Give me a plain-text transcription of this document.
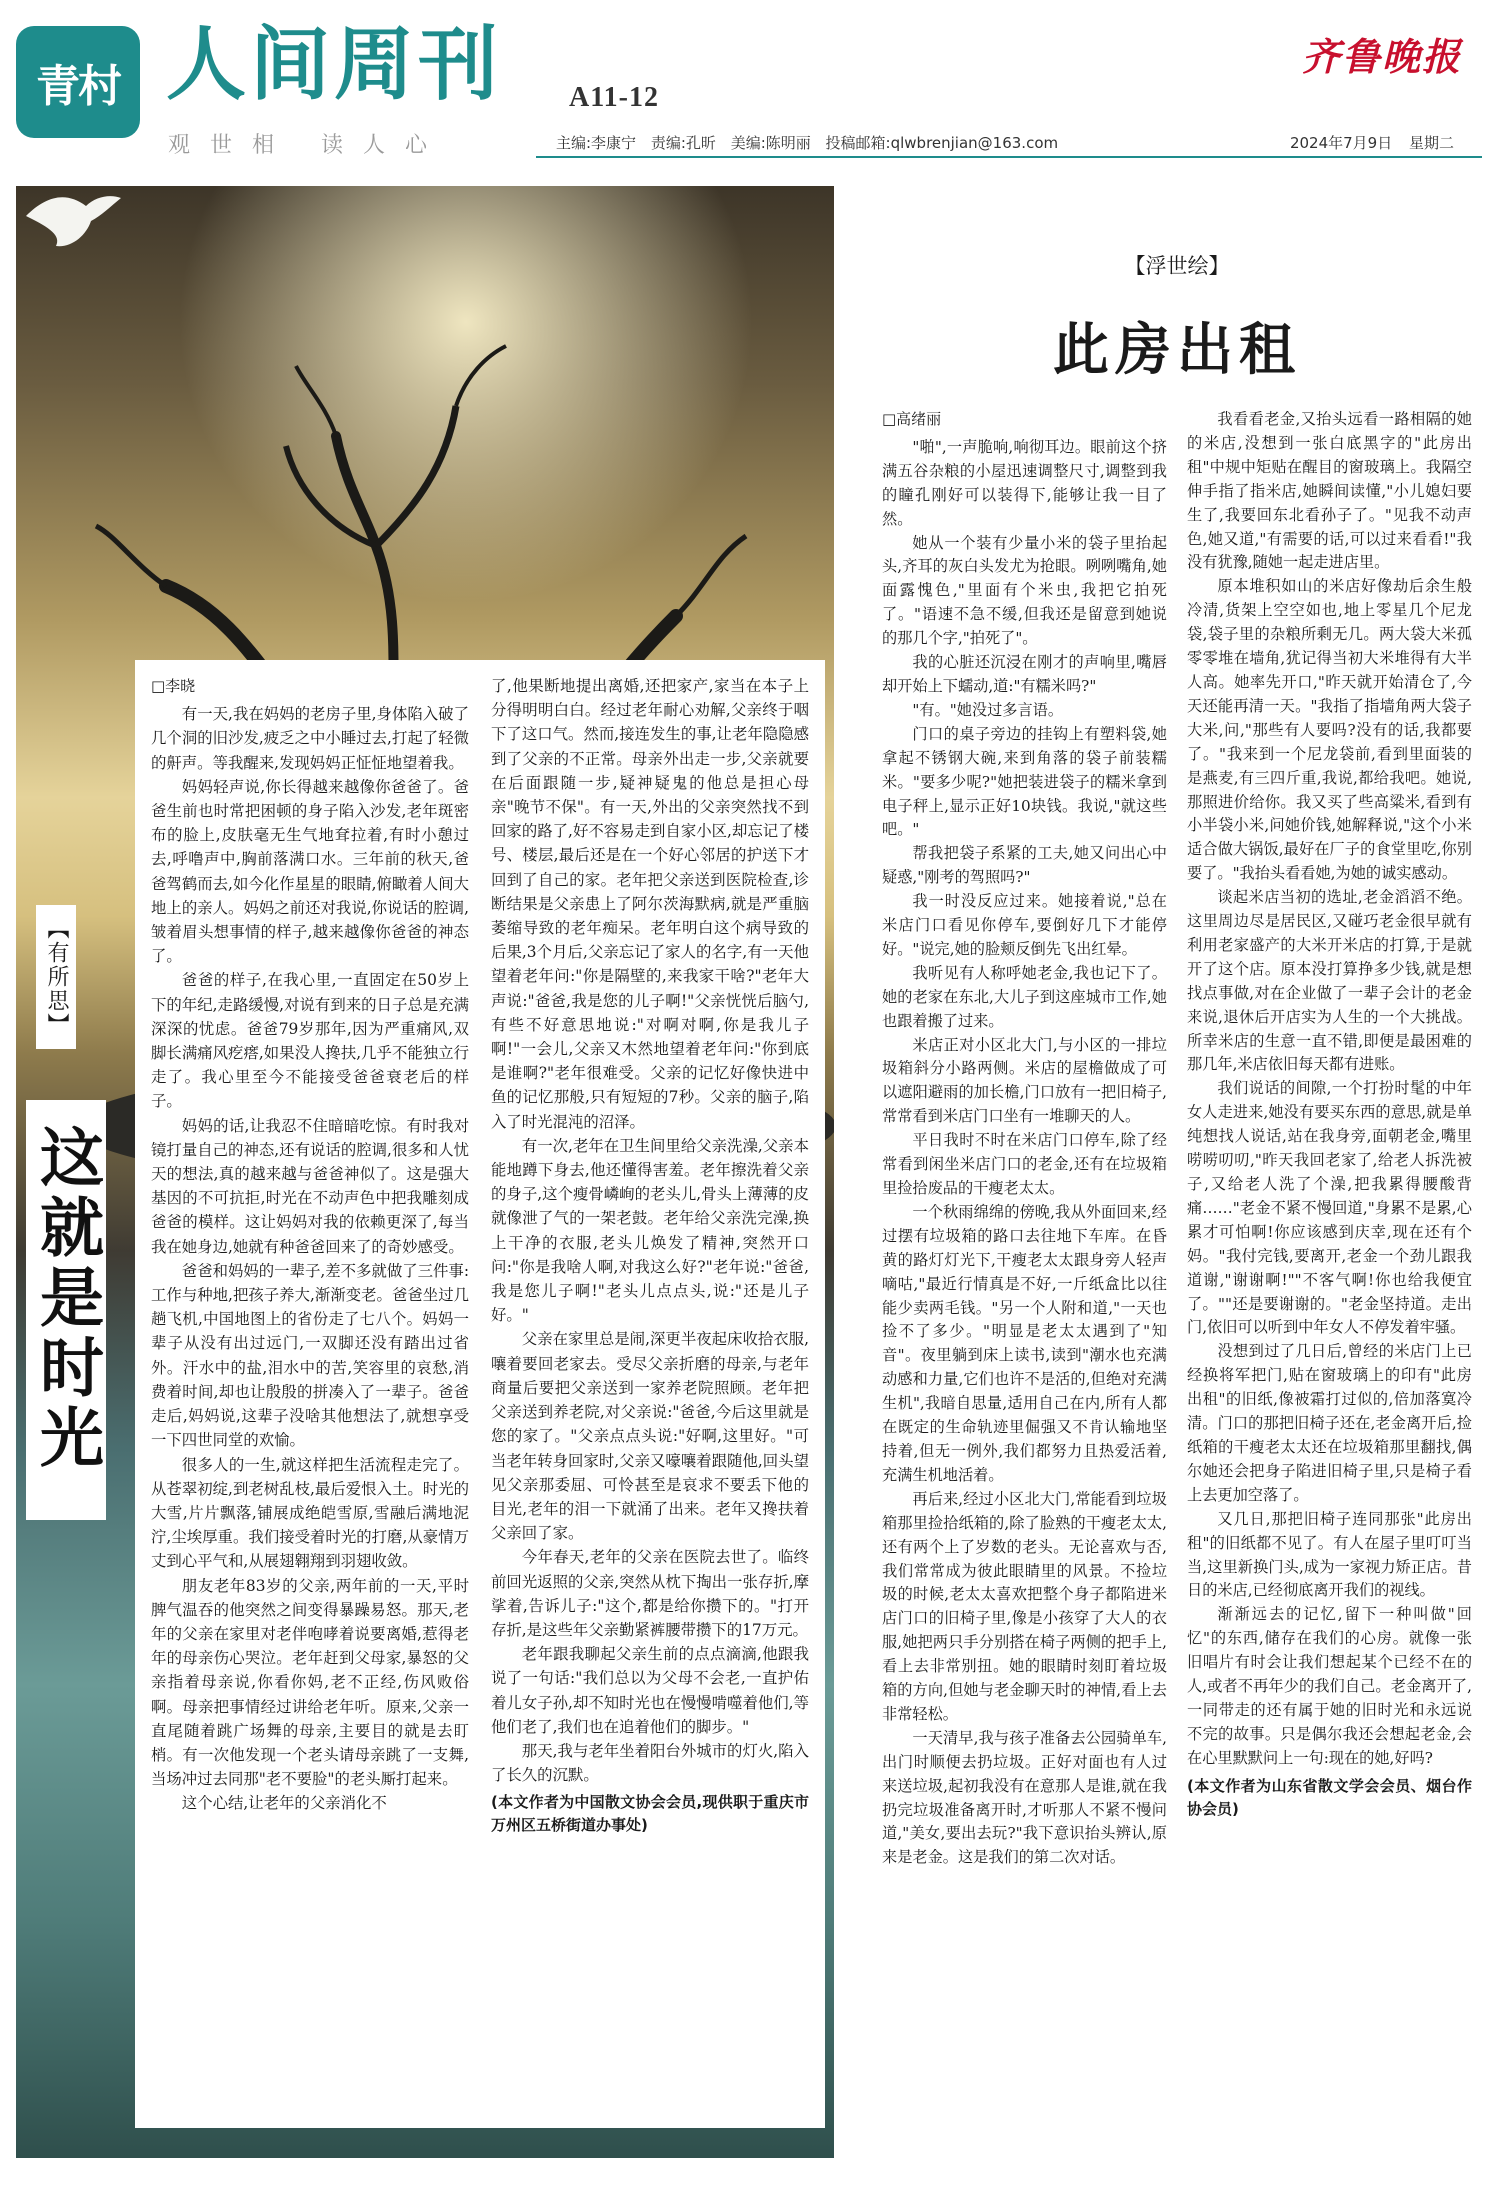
青村 人间周刊 A11-12
齐鲁晚报
观世相 读人心	主编:李康宁 责编:孔昕 美编:陈明丽 投稿邮箱:qlwbrenjian@163.com	2024年7月9日 星期二
【有所思】
这就是时光
□李晓

有一天,我在妈妈的老房子里,身体陷入破了几个洞的旧沙发,疲乏之中小睡过去,打起了轻微的鼾声。等我醒来,发现妈妈正怔怔地望着我。

妈妈轻声说,你长得越来越像你爸爸了。爸爸生前也时常把困顿的身子陷入沙发,老年斑密布的脸上,皮肤毫无生气地耷拉着,有时小憩过去,呼噜声中,胸前落满口水。三年前的秋天,爸爸驾鹤而去,如今化作星星的眼睛,俯瞰着人间大地上的亲人。妈妈之前还对我说,你说话的腔调,皱着眉头想事情的样子,越来越像你爸爸的神态了。

爸爸的样子,在我心里,一直固定在50岁上下的年纪,走路缓慢,对说有到来的日子总是充满深深的忧虑。爸爸79岁那年,因为严重痛风,双脚长满痛风疙瘩,如果没人搀扶,几乎不能独立行走了。我心里至今不能接受爸爸衰老后的样子。

妈妈的话,让我忍不住暗暗吃惊。有时我对镜打量自己的神态,还有说话的腔调,很多和人忧天的想法,真的越来越与爸爸神似了。这是强大基因的不可抗拒,时光在不动声色中把我雕刻成爸爸的模样。这让妈妈对我的依赖更深了,每当我在她身边,她就有种爸爸回来了的奇妙感受。

爸爸和妈妈的一辈子,差不多就做了三件事:工作与种地,把孩子养大,渐渐变老。爸爸坐过几趟飞机,中国地图上的省份走了七八个。妈妈一辈子从没有出过远门,一双脚还没有踏出过省外。汗水中的盐,泪水中的苦,笑容里的哀愁,消费着时间,却也让殷殷的拼凑入了一辈子。爸爸走后,妈妈说,这辈子没啥其他想法了,就想享受一下四世同堂的欢愉。

很多人的一生,就这样把生活流程走完了。从苍翠初绽,到老树乱枝,最后爱恨入土。时光的大雪,片片飘落,铺展成绝皑雪原,雪融后满地泥泞,尘埃厚重。我们接受着时光的打磨,从豪情万丈到心平气和,从展翅翱翔到羽翅收敛。

朋友老年83岁的父亲,两年前的一天,平时脾气温吞的他突然之间变得暴躁易怒。那天,老年的父亲在家里对老伴咆哮着说要离婚,惹得老年的母亲伤心哭泣。老年赶到父母家,暴怒的父亲指着母亲说,你看你妈,老不正经,伤风败俗啊。母亲把事情经过讲给老年听。原来,父亲一直尾随着跳广场舞的母亲,主要目的就是去盯梢。有一次他发现一个老头请母亲跳了一支舞,当场冲过去同那"老不要脸"的老头厮打起来。

这个心结,让老年的父亲消化不

了,他果断地提出离婚,还把家产,家当在本子上分得明明白白。经过老年耐心劝解,父亲终于咽下了这口气。然而,接连发生的事,让老年隐隐感到了父亲的不正常。母亲外出走一步,父亲就要在后面跟随一步,疑神疑鬼的他总是担心母亲"晚节不保"。有一天,外出的父亲突然找不到回家的路了,好不容易走到自家小区,却忘记了楼号、楼层,最后还是在一个好心邻居的护送下才回到了自己的家。老年把父亲送到医院检查,诊断结果是父亲患上了阿尔茨海默病,就是严重脑萎缩导致的老年痴呆。老年明白这个病导致的后果,3个月后,父亲忘记了家人的名字,有一天他望着老年问:"你是隔壁的,来我家干啥?"老年大声说:"爸爸,我是您的儿子啊!"父亲恍恍后脑勺,有些不好意思地说:"对啊对啊,你是我儿子啊!"一会儿,父亲又木然地望着老年问:"你到底是谁啊?"老年很难受。父亲的记忆好像快进中鱼的记忆那般,只有短短的7秒。父亲的脑子,陷入了时光混沌的沼泽。

有一次,老年在卫生间里给父亲洗澡,父亲本能地蹲下身去,他还懂得害羞。老年擦洗着父亲的身子,这个瘦骨嶙峋的老头儿,骨头上薄薄的皮就像泄了气的一架老鼓。老年给父亲洗完澡,换上干净的衣服,老头儿焕发了精神,突然开口问:"你是我啥人啊,对我这么好?"老年说:"爸爸,我是您儿子啊!"老头儿点点头,说:"还是儿子好。"

父亲在家里总是闹,深更半夜起床收拾衣服,嚷着要回老家去。受尽父亲折磨的母亲,与老年商量后要把父亲送到一家养老院照顾。老年把父亲送到养老院,对父亲说:"爸爸,今后这里就是您的家了。"父亲点点头说:"好啊,这里好。"可当老年转身回家时,父亲又嚎嚷着跟随他,回头望见父亲那委屈、可怜甚至是哀求不要丢下他的目光,老年的泪一下就涌了出来。老年又搀扶着父亲回了家。

今年春天,老年的父亲在医院去世了。临终前回光返照的父亲,突然从枕下掏出一张存折,摩挲着,告诉儿子:"这个,都是给你攒下的。"打开存折,是这些年父亲勤紧裤腰带攒下的17万元。

老年跟我聊起父亲生前的点点滴滴,他跟我说了一句话:"我们总以为父母不会老,一直护佑着儿女子孙,却不知时光也在慢慢啃噬着他们,等他们老了,我们也在追着他们的脚步。"

那天,我与老年坐着阳台外城市的灯火,陷入了长久的沉默。

(本文作者为中国散文协会会员,现供职于重庆市万州区五桥街道办事处)

【浮世绘】
此房出租
□高绪丽

"啪",一声脆响,响彻耳边。眼前这个挤满五谷杂粮的小屋迅速调整尺寸,调整到我的瞳孔刚好可以装得下,能够让我一目了然。

她从一个装有少量小米的袋子里抬起头,齐耳的灰白头发尤为抢眼。咧咧嘴角,她面露愧色,"里面有个米虫,我把它拍死了。"语速不急不缓,但我还是留意到她说的那几个字,"拍死了"。

我的心脏还沉浸在刚才的声响里,嘴唇却开始上下蠕动,道:"有糯米吗?"

"有。"她没过多言语。

门口的桌子旁边的挂钩上有塑料袋,她拿起不锈钢大碗,来到角落的袋子前装糯米。"要多少呢?"她把装进袋子的糯米拿到电子秤上,显示正好10块钱。我说,"就这些吧。"

帮我把袋子系紧的工夫,她又问出心中疑惑,"刚考的驾照吗?"

我一时没反应过来。她接着说,"总在米店门口看见你停车,要倒好几下才能停好。"说完,她的脸颊反倒先飞出红晕。

我听见有人称呼她老金,我也记下了。她的老家在东北,大儿子到这座城市工作,她也跟着搬了过来。

米店正对小区北大门,与小区的一排垃圾箱斜分小路两侧。米店的屋檐做成了可以遮阳避雨的加长檐,门口放有一把旧椅子,常常看到米店门口坐有一堆聊天的人。

平日我时不时在米店门口停车,除了经常看到闲坐米店门口的老金,还有在垃圾箱里捡拾废品的干瘦老太太。

一个秋雨绵绵的傍晚,我从外面回来,经过摆有垃圾箱的路口去往地下车库。在昏黄的路灯灯光下,干瘦老太太跟身旁人轻声嘀咕,"最近行情真是不好,一斤纸盒比以往能少卖两毛钱。"另一个人附和道,"一天也捡不了多少。"明显是老太太遇到了"知音"。夜里躺到床上读书,读到"潮水也充满动感和力量,它们也许不是活的,但绝对充满生机",我暗自思量,适用自己在内,所有人都在既定的生命轨迹里倔强又不肯认输地坚持着,但无一例外,我们都努力且热爱活着,充满生机地活着。

再后来,经过小区北大门,常能看到垃圾箱那里捡拾纸箱的,除了脸熟的干瘦老太太,还有两个上了岁数的老头。无论喜欢与否,我们常常成为彼此眼睛里的风景。不捡垃圾的时候,老太太喜欢把整个身子都陷进米店门口的旧椅子里,像是小孩穿了大人的衣服,她把两只手分别搭在椅子两侧的把手上,看上去非常别扭。她的眼睛时刻盯着垃圾箱的方向,但她与老金聊天时的神情,看上去非常轻松。

一天清早,我与孩子准备去公园骑单车,出门时顺便去扔垃圾。正好对面也有人过来送垃圾,起初我没有在意那人是谁,就在我扔完垃圾准备离开时,才听那人不紧不慢问道,"美女,要出去玩?"我下意识抬头辨认,原来是老金。这是我们的第二次对话。

我看看老金,又抬头远看一路相隔的她的米店,没想到一张白底黑字的"此房出租"中规中矩贴在醒目的窗玻璃上。我隔空伸手指了指米店,她瞬间读懂,"小儿媳妇要生了,我要回东北看孙子了。"见我不动声色,她又道,"有需要的话,可以过来看看!"我没有犹豫,随她一起走进店里。

原本堆积如山的米店好像劫后余生般冷清,货架上空空如也,地上零星几个尼龙袋,袋子里的杂粮所剩无几。两大袋大米孤零零堆在墙角,犹记得当初大米堆得有大半人高。她率先开口,"昨天就开始清仓了,今天还能再清一天。"我指了指墙角两大袋子大米,问,"那些有人要吗?没有的话,我都要了。"我来到一个尼龙袋前,看到里面装的是燕麦,有三四斤重,我说,都给我吧。她说,那照进价给你。我又买了些高粱米,看到有小半袋小米,问她价钱,她解释说,"这个小米适合做大锅饭,最好在厂子的食堂里吃,你别要了。"我抬头看看她,为她的诚实感动。

谈起米店当初的选址,老金滔滔不绝。这里周边尽是居民区,又碰巧老金很早就有利用老家盛产的大米开米店的打算,于是就开了这个店。原本没打算挣多少钱,就是想找点事做,对在企业做了一辈子会计的老金来说,退休后开店实为人生的一个大挑战。所幸米店的生意一直不错,即便是最困难的那几年,米店依旧每天都有进账。

我们说话的间隙,一个打扮时髦的中年女人走进来,她没有要买东西的意思,就是单纯想找人说话,站在我身旁,面朝老金,嘴里唠唠叨叨,"昨天我回老家了,给老人拆洗被子,又给老人洗了个澡,把我累得腰酸背痛……"老金不紧不慢回道,"身累不是累,心累才可怕啊!你应该感到庆幸,现在还有个妈。"我付完钱,要离开,老金一个劲儿跟我道谢,"谢谢啊!""不客气啊!你也给我便宜了。""还是要谢谢的。"老金坚持道。走出门,依旧可以听到中年女人不停发着牢骚。

没想到过了几日后,曾经的米店门上已经换将军把门,贴在窗玻璃上的印有"此房出租"的旧纸,像被霜打过似的,倍加落寞冷清。门口的那把旧椅子还在,老金离开后,捡纸箱的干瘦老太太还在垃圾箱那里翻找,偶尔她还会把身子陷进旧椅子里,只是椅子看上去更加空落了。

又几日,那把旧椅子连同那张"此房出租"的旧纸都不见了。有人在屋子里叮叮当当,这里新换门头,成为一家视力矫正店。昔日的米店,已经彻底离开我们的视线。

渐渐远去的记忆,留下一种叫做"回忆"的东西,储存在我们的心房。就像一张旧唱片有时会让我们想起某个已经不在的人,或者不再年少的我们自己。老金离开了,一同带走的还有属于她的旧时光和永远说不完的故事。只是偶尔我还会想起老金,会在心里默默问上一句:现在的她,好吗?

(本文作者为山东省散文学会会员、烟台作协会员)
